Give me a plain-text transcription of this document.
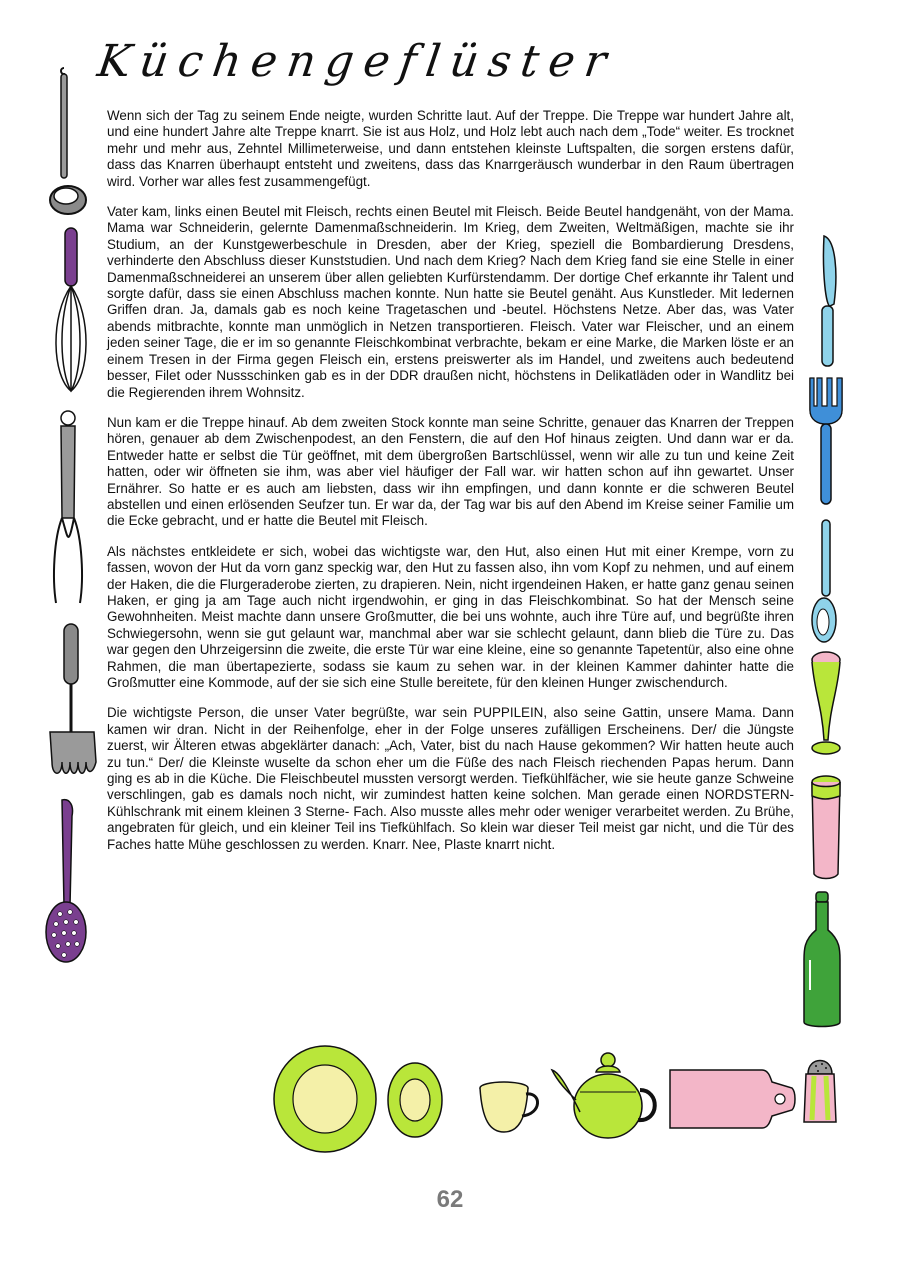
Küchengeflüster

Wenn sich der Tag zu seinem Ende neigte, wurden Schritte laut. Auf der Treppe. Die Treppe war hundert Jahre alt, und eine hundert Jahre alte Treppe knarrt. Sie ist aus Holz, und Holz lebt auch nach dem „Tode“ weiter. Es trocknet mehr und mehr aus, Zehntel Millimeterweise, und dann entstehen kleinste Luftspalten, die sorgen erstens dafür, dass das Knarren überhaupt entsteht und zweitens, dass das Knarrgeräusch wunderbar in den Raum übertragen wird. Vorher war alles fest zusammengefügt.

Vater kam, links einen Beutel mit Fleisch, rechts einen Beutel mit Fleisch. Beide Beutel handgenäht, von der Mama. Mama war Schneiderin, gelernte Damenmaßschneiderin. Im Krieg, dem Zweiten, Weltmäßigen, machte sie ihr Studium, an der Kunstgewerbeschule in Dresden, aber der Krieg, speziell die Bombardierung Dresdens, verhinderte den Abschluss dieser Kunststudien. Und nach dem Krieg? Nach dem Krieg fand sie eine Stelle in einer Damenmaßschneiderei an unserem über allen geliebten Kurfürstendamm. Der dortige Chef erkannte ihr Talent und sorgte dafür, dass sie einen Abschluss machen konnte. Nun hatte sie Beutel genäht. Aus Kunstleder. Mit ledernen Griffen dran. Ja, damals gab es noch keine Tragetaschen und -beutel. Höchstens Netze. Aber das, was Vater abends mitbrachte, konnte man unmöglich in Netzen transportieren. Fleisch. Vater war Fleischer, und an einem jeden seiner Tage, die er im so genannte Fleischkombinat verbrachte, bekam er eine Marke, die Marken löste er an einem Tresen in der Firma gegen Fleisch ein, erstens preiswerter als im Handel, und zweitens auch bedeutend besser, Filet oder Nussschinken gab es in der DDR draußen nicht, höchstens in Delikatläden oder in Wandlitz bei die Regierenden ihrem Wohnsitz.

Nun kam er die Treppe hinauf. Ab dem zweiten Stock konnte man seine Schritte, genauer das Knarren der Treppen hören, genauer ab dem Zwischenpodest, an den Fenstern, die auf den Hof hinaus zeigten. Und dann war er da. Entweder hatte er selbst die Tür geöffnet, mit dem übergroßen Bartschlüssel, wenn wir alle zu tun und keine Zeit hatten, oder wir öffneten sie ihm, was aber viel häufiger der Fall war. wir hatten schon auf ihn gewartet. Unser Ernährer. So hatte er es auch am liebsten, dass wir ihn empfingen, und dann konnte er die schweren Beutel abstellen und einen erlösenden Seufzer tun. Er war da, der Tag war bis auf den Abend im Kreise seiner Familie um die Ecke gebracht, und er hatte die Beutel mit Fleisch.

Als nächstes entkleidete er sich, wobei das wichtigste war, den Hut, also einen Hut mit einer Krempe, vorn zu fassen, wovon der Hut da vorn ganz speckig war, den Hut zu fassen also, ihn vom Kopf zu nehmen, und auf einem der Haken, die die Flurgeraderobe zierten, zu drapieren. Nein, nicht irgendeinen Haken, er hatte ganz genau seinen Haken, er ging ja am Tage auch nicht irgendwohin, er ging in das Fleischkombinat. So hat der Mensch seine Gewohnheiten. Meist machte dann unsere Großmutter, die bei uns wohnte, auch ihre Türe auf, und begrüßte ihren Schwiegersohn, wenn sie gut gelaunt war, manchmal aber war sie schlecht gelaunt, dann blieb die Türe zu. Das war gegen den Uhrzeigersinn die zweite, die erste Tür war eine kleine, eine so genannte Tapetentür, also eine ohne Rahmen, die man übertapezierte, sodass sie kaum zu sehen war. in der kleinen Kammer dahinter hatte die Großmutter eine Kommode, auf der sie sich eine Stulle bereitete, für den kleinen Hunger zwischendurch.

Die wichtigste Person, die unser Vater begrüßte, war sein PUPPILEIN, also seine Gattin, unsere Mama. Dann kamen wir dran. Nicht in der Reihenfolge, eher in der Folge unseres zufälligen Erscheinens. Der/ die Jüngste zuerst, wir Älteren etwas abgeklärter danach: „Ach, Vater, bist du nach Hause gekommen? Wir hatten heute auch zu tun.“ Der/ die Kleinste wuselte da schon eher um die Füße des nach Fleisch riechenden Papas herum. Dann ging es ab in die Küche. Die Fleischbeutel mussten versorgt werden. Tiefkühlfächer, wie sie heute ganze Schweine verschlingen, gab es damals noch nicht, wir zumindest hatten keine solchen. Man gerade einen NORDSTERN- Kühlschrank mit einem kleinen 3 Sterne- Fach. Also musste alles mehr oder weniger verarbeitet werden. Zu Brühe, angebraten für gleich, und ein kleiner Teil ins Tiefkühlfach. So klein war dieser Teil meist gar nicht, und die Tür des Faches hatte Mühe geschlossen zu werden. Knarr. Nee, Plaste knarrt nicht.

62
